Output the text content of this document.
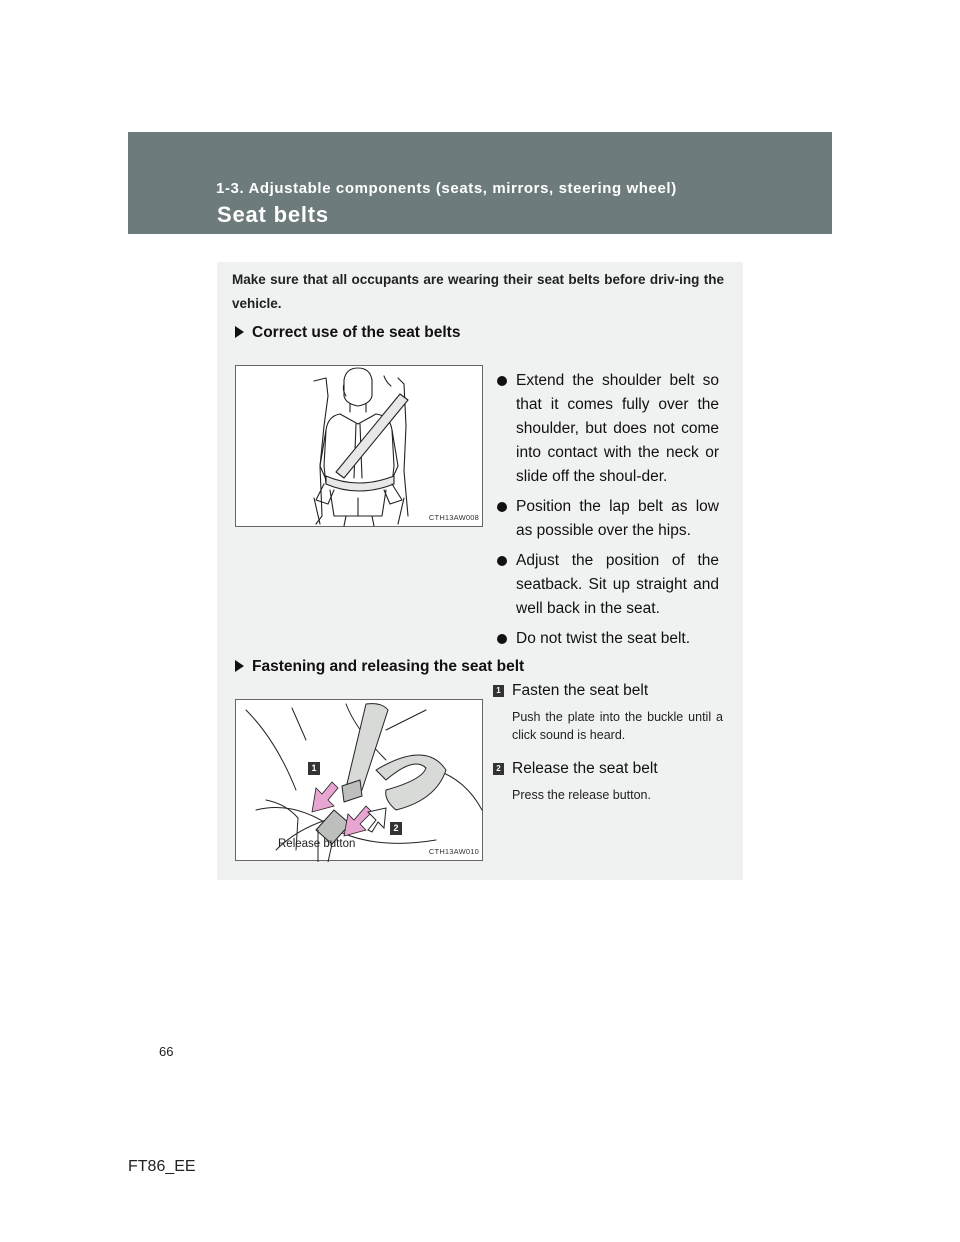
1-3. Adjustable components (seats, mirrors, steering wheel)
Seat belts
Make sure that all occupants are wearing their seat belts before driv-ing the vehicle.
Correct use of the seat belts
CTH13AW008
Extend the shoulder belt so that it comes fully over the shoulder, but does not come into contact with the neck or slide off the shoul-der.
Position the lap belt as low as possible over the hips.
Adjust the position of the seatback. Sit up straight and well back in the seat.
Do not twist the seat belt.
Fastening and releasing the seat belt
1
2
Release button
CTH13AW010
1 Fasten the seat belt
Push the plate into the buckle until a click sound is heard.
2 Release the seat belt
Press the release button.
66
FT86_EE
